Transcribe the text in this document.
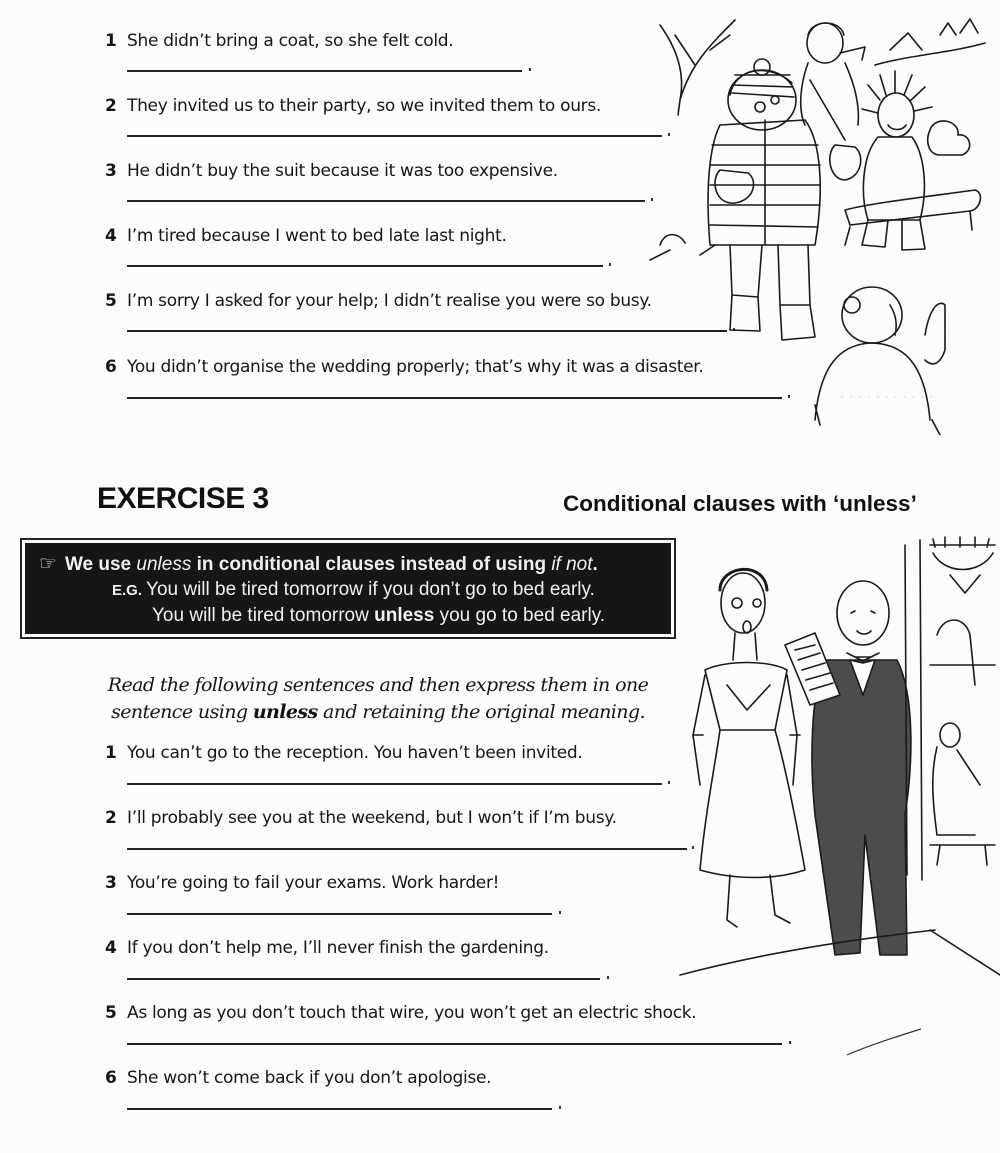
1 She didn’t bring a coat, so she felt cold.
2 They invited us to their party, so we invited them to ours.
3 He didn’t buy the suit because it was too expensive.
4 I’m tired because I went to bed late last night.
5 I’m sorry I asked for your help; I didn’t realise you were so busy.
6 You didn’t organise the wedding properly; that’s why it was a disaster.
· · · · · · · · · · ·
EXERCISE 3	Conditional clauses with ‘unless’
☞ We use unless in conditional clauses instead of using if not.
E.G. You will be tired tomorrow if you don’t go to bed early.
You will be tired tomorrow unless you go to bed early.
Read the following sentences and then express them in one sentence using unless and retaining the original meaning.
1 You can’t go to the reception. You haven’t been invited.
2 I’ll probably see you at the weekend, but I won’t if I’m busy.
3 You’re going to fail your exams. Work harder!
4 If you don’t help me, I’ll never finish the gardening.
5 As long as you don’t touch that wire, you won’t get an electric shock.
6 She won’t come back if you don’t apologise.
